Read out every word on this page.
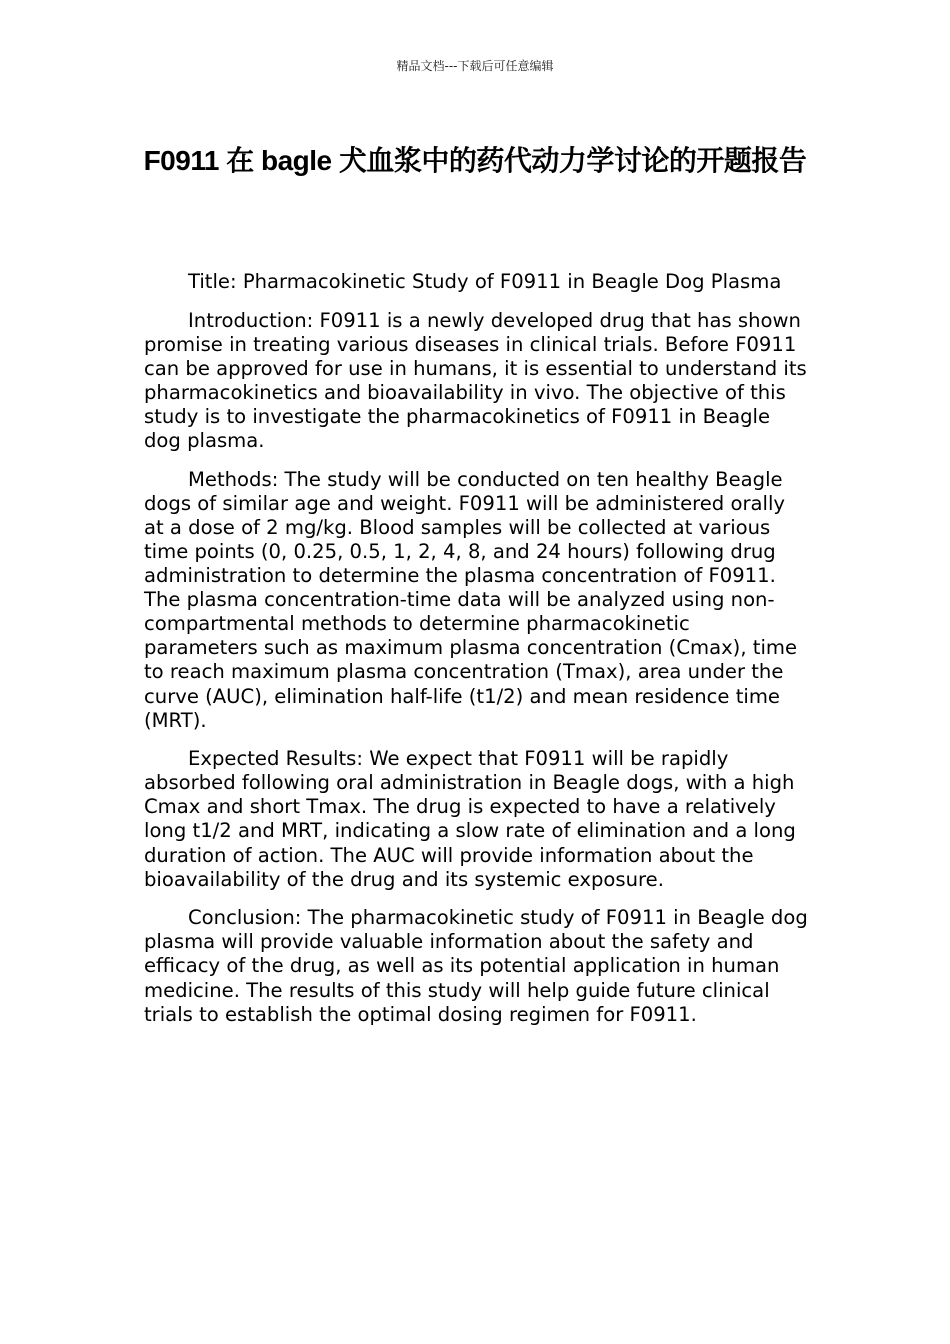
精品文档---下载后可任意编辑
F0911 在 bagle 犬血浆中的药代动力学讨论的开题报告

Title: Pharmacokinetic Study of F0911 in Beagle Dog Plasma

Introduction: F0911 is a newly developed drug that has shown promise in treating various diseases in clinical trials. Before F0911 can be approved for use in humans, it is essential to understand its pharmacokinetics and bioavailability in vivo. The objective of this study is to investigate the pharmacokinetics of F0911 in Beagle dog plasma.

Methods: The study will be conducted on ten healthy Beagle dogs of similar age and weight. F0911 will be administered orally at a dose of 2 mg/kg. Blood samples will be collected at various time points (0, 0.25, 0.5, 1, 2, 4, 8, and 24 hours) following drug administration to determine the plasma concentration of F0911. The plasma concentration-time data will be analyzed using non-compartmental methods to determine pharmacokinetic parameters such as maximum plasma concentration (Cmax), time to reach maximum plasma concentration (Tmax), area under the curve (AUC), elimination half-life (t1/2) and mean residence time (MRT).

Expected Results: We expect that F0911 will be rapidly absorbed following oral administration in Beagle dogs, with a high Cmax and short Tmax. The drug is expected to have a relatively long t1/2 and MRT, indicating a slow rate of elimination and a long duration of action. The AUC will provide information about the bioavailability of the drug and its systemic exposure.

Conclusion: The pharmacokinetic study of F0911 in Beagle dog plasma will provide valuable information about the safety and efficacy of the drug, as well as its potential application in human medicine. The results of this study will help guide future clinical trials to establish the optimal dosing regimen for F0911.
